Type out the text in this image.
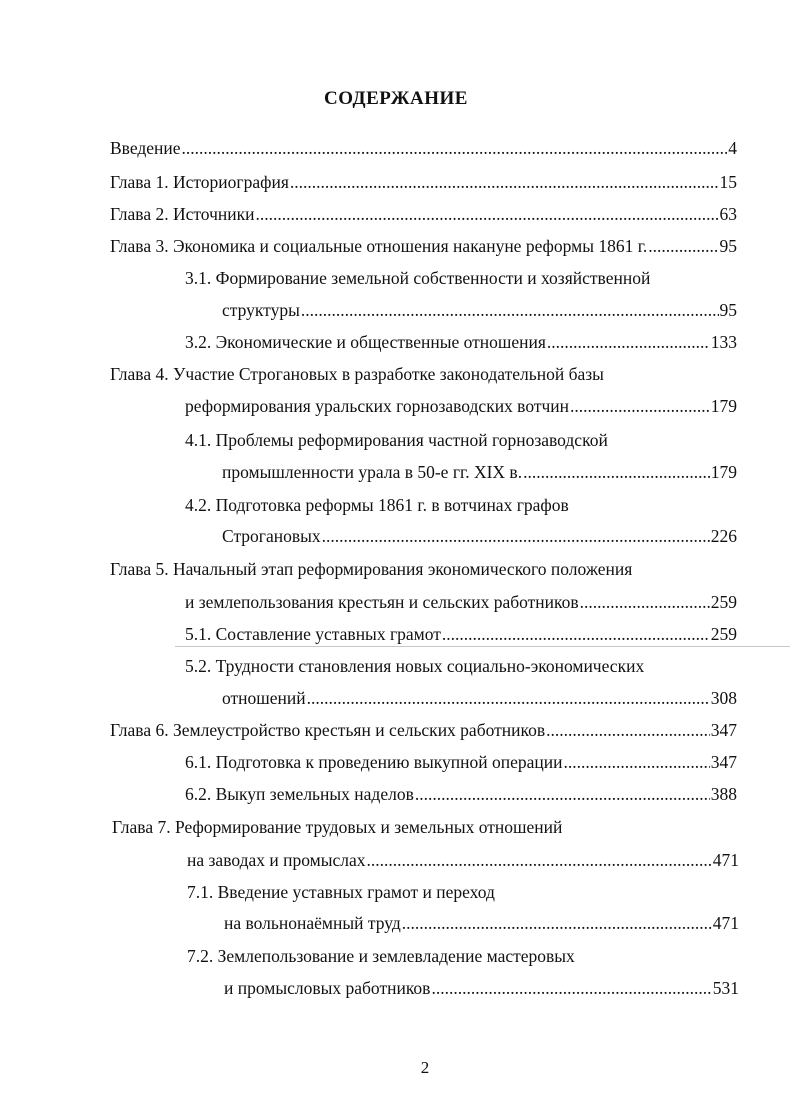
СОДЕРЖАНИЕ
Введение .....	4
Глава 1. Историография .....	15
Глава 2. Источники .....	63
Глава 3. Экономика и социальные отношения накануне реформы 1861 г. .....	95
3.1. Формирование земельной собственности и хозяйственной
структуры .....	95
3.2. Экономические и общественные отношения .....	133
Глава 4. Участие Строгановых в разработке законодательной базы
реформирования уральских горнозаводских вотчин .....	179
4.1. Проблемы реформирования частной горнозаводской
промышленности урала в 50-е гг. XIX в. .....	179
4.2. Подготовка реформы 1861 г. в вотчинах графов
Строгановых .....	226
Глава 5. Начальный этап реформирования экономического положения
и землепользования крестьян и сельских работников .....	259
5.1. Составление уставных грамот .....	259
5.2. Трудности становления новых социально-экономических
отношений .....	308
Глава 6. Землеустройство крестьян и сельских работников .....	347
6.1. Подготовка к проведению выкупной операции .....	347
6.2. Выкуп земельных наделов .....	388
Глава 7. Реформирование трудовых и земельных отношений
на заводах и промыслах .....	471
7.1. Введение уставных грамот и переход
на вольнонаёмный труд .....	471
7.2. Землепользование и землевладение мастеровых
и промысловых работников .....	531
2
